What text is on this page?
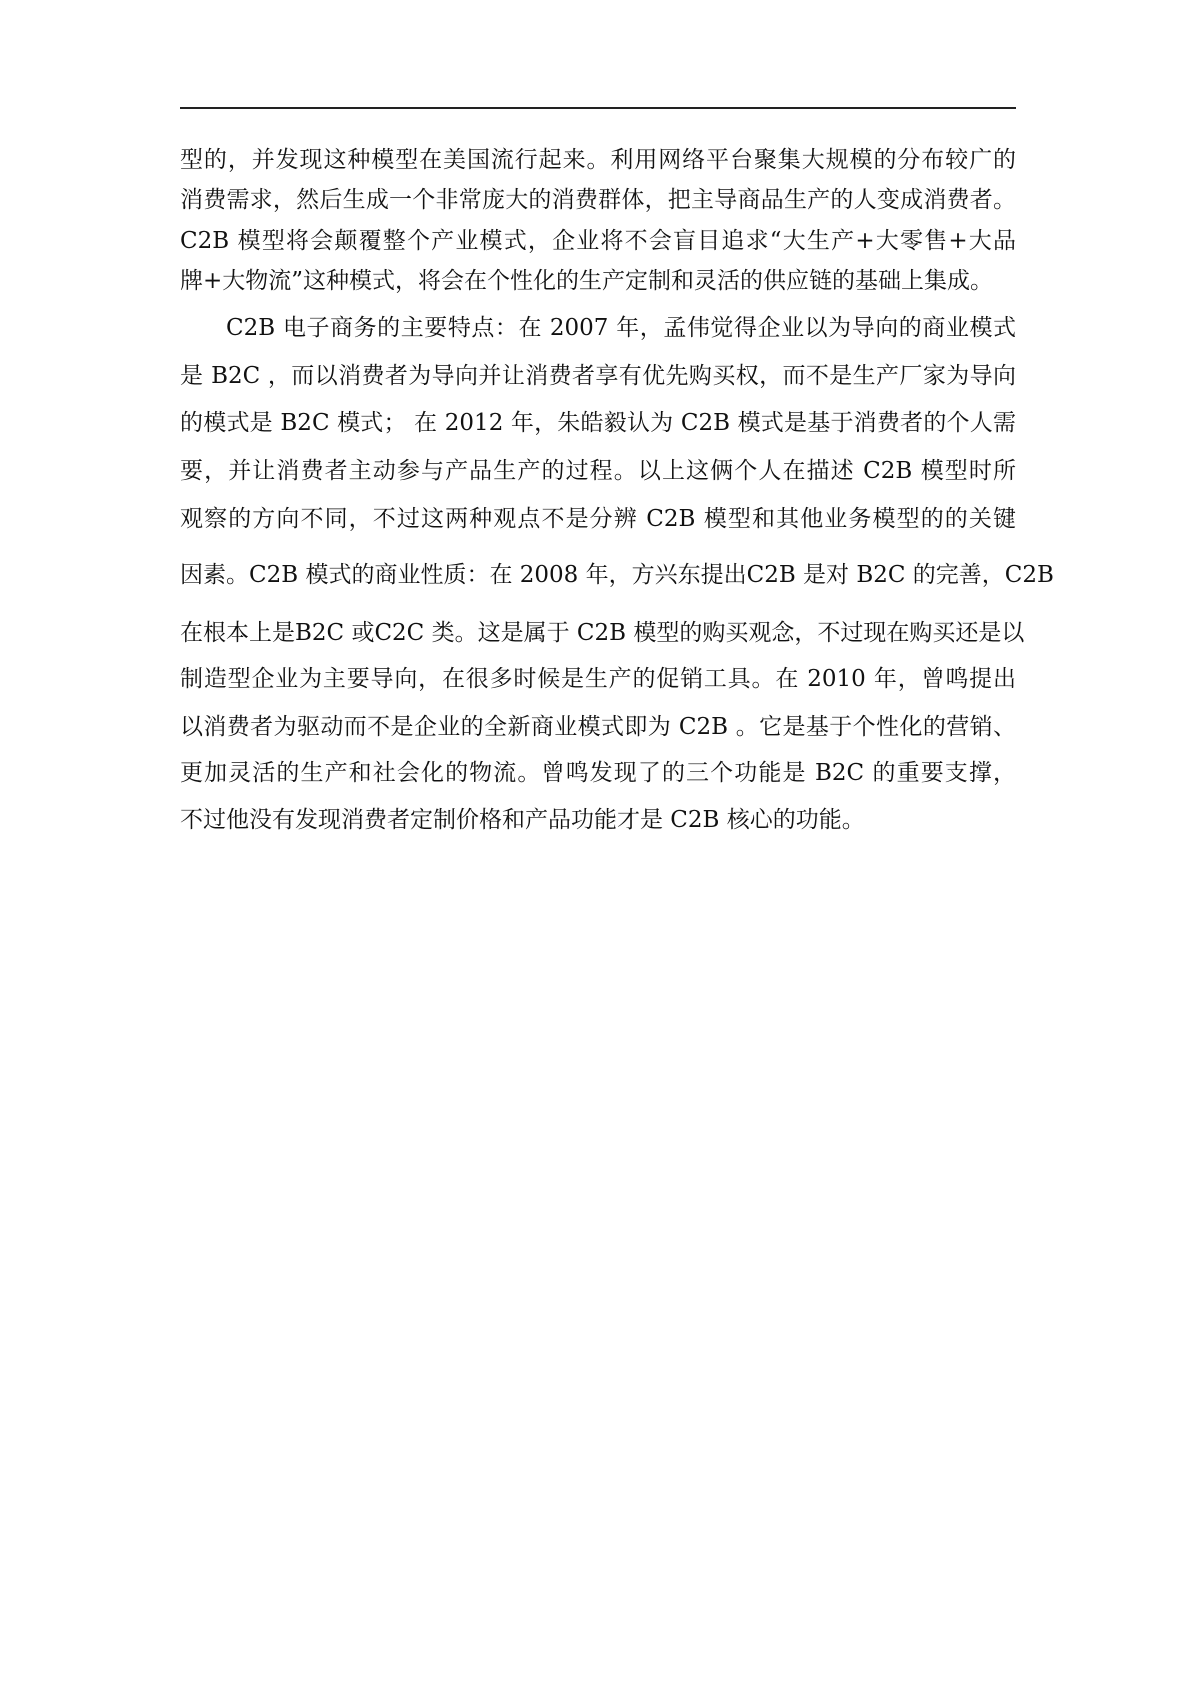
型的，并发现这种模型在美国流行起来。利用网络平台聚集大规模的分布较广的
消费需求，然后生成一个非常庞大的消费群体，把主导商品生产的人变成消费者。
C2B 模型将会颠覆整个产业模式，企业将不会盲目追求“大生产+大零售+大品
牌+大物流”这种模式，将会在个性化的生产定制和灵活的供应链的基础上集成。
C2B 电子商务的主要特点：在 2007 年，孟伟觉得企业以为导向的商业模式
是 B2C ，而以消费者为导向并让消费者享有优先购买权，而不是生产厂家为导向
的模式是 B2C 模式； 在 2012 年，朱皓毅认为 C2B 模式是基于消费者的个人需
要，并让消费者主动参与产品生产的过程。以上这俩个人在描述 C2B 模型时所
观察的方向不同，不过这两种观点不是分辨 C2B 模型和其他业务模型的的关键
因素。C2B 模式的商业性质：在 2008 年，方兴东提出C2B 是对 B2C 的完善，C2B
在根本上是B2C 或C2C 类。这是属于 C2B 模型的购买观念，不过现在购买还是以
制造型企业为主要导向，在很多时候是生产的促销工具。在 2010 年，曾鸣提出
以消费者为驱动而不是企业的全新商业模式即为 C2B 。它是基于个性化的营销、
更加灵活的生产和社会化的物流。曾鸣发现了的三个功能是 B2C 的重要支撑，
不过他没有发现消费者定制价格和产品功能才是 C2B 核心的功能。
